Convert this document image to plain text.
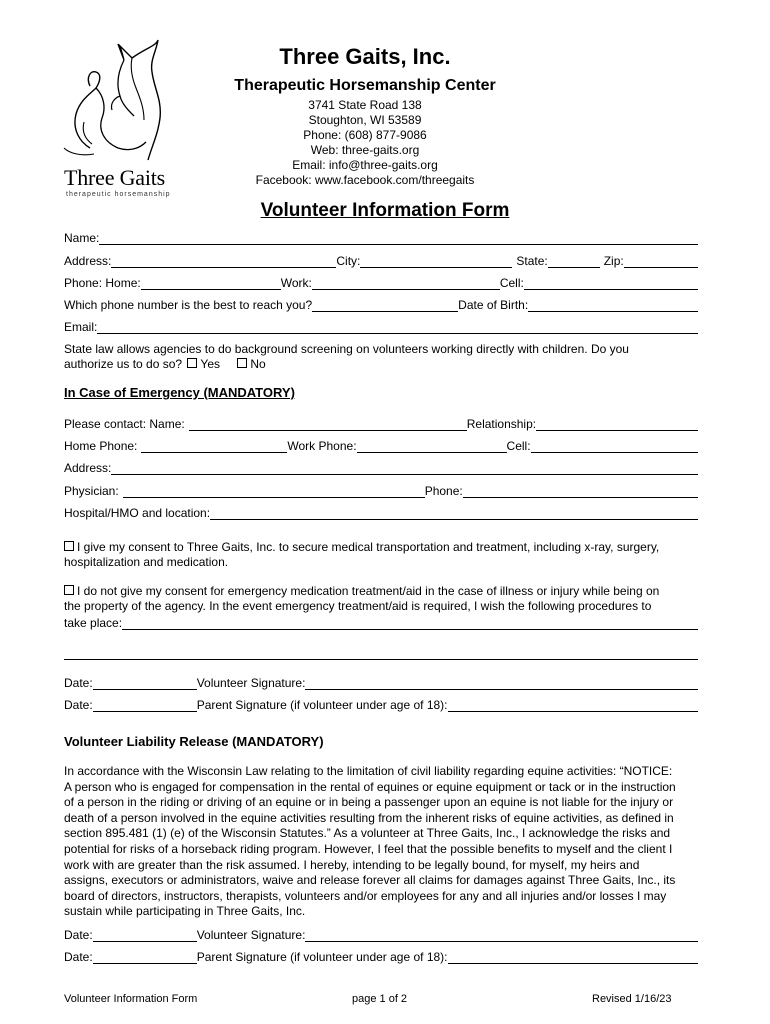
Three Gaits
therapeutic horsemanship
Three Gaits, Inc.
Therapeutic Horsemanship Center
3741 State Road 138
Stoughton, WI 53589
Phone: (608) 877-9086
Web: three-gaits.org
Email: info@three-gaits.org
Facebook: www.facebook.com/threegaits
Volunteer Information Form
Name:
Address:	City:	State:	Zip:
Phone: Home:	Work:	Cell:
Which phone number is the best to reach you?	Date of Birth:
Email:
State law allows agencies to do background screening on volunteers working directly with children. Do you
authorize us to do so? Yes	No
In Case of Emergency (MANDATORY)
Please contact: Name:	Relationship:
Home Phone:	Work Phone:	Cell:
Address:
Physician:	Phone:
Hospital/HMO and location:
I give my consent to Three Gaits, Inc. to secure medical transportation and treatment, including x-ray, surgery,
hospitalization and medication.
I do not give my consent for emergency medication treatment/aid in the case of illness or injury while being on
the property of the agency. In the event emergency treatment/aid is required, I wish the following procedures to
take place:
Date:	Volunteer Signature:
Date:	Parent Signature (if volunteer under age of 18):
Volunteer Liability Release (MANDATORY)
In accordance with the Wisconsin Law relating to the limitation of civil liability regarding equine activities: “NOTICE:
A person who is engaged for compensation in the rental of equines or equine equipment or tack or in the instruction
of a person in the riding or driving of an equine or in being a passenger upon an equine is not liable for the injury or
death of a person involved in the equine activities resulting from the inherent risks of equine activities, as defined in
section 895.481 (1) (e) of the Wisconsin Statutes.” As a volunteer at Three Gaits, Inc., I acknowledge the risks and
potential for risks of a horseback riding program. However, I feel that the possible benefits to myself and the client I
work with are greater than the risk assumed. I hereby, intending to be legally bound, for myself, my heirs and
assigns, executors or administrators, waive and release forever all claims for damages against Three Gaits, Inc., its
board of directors, instructors, therapists, volunteers and/or employees for any and all injuries and/or losses I may
sustain while participating in Three Gaits, Inc.
Date:	Volunteer Signature:
Date:	Parent Signature (if volunteer under age of 18):
Volunteer Information Form	page 1 of 2	Revised 1/16/23
